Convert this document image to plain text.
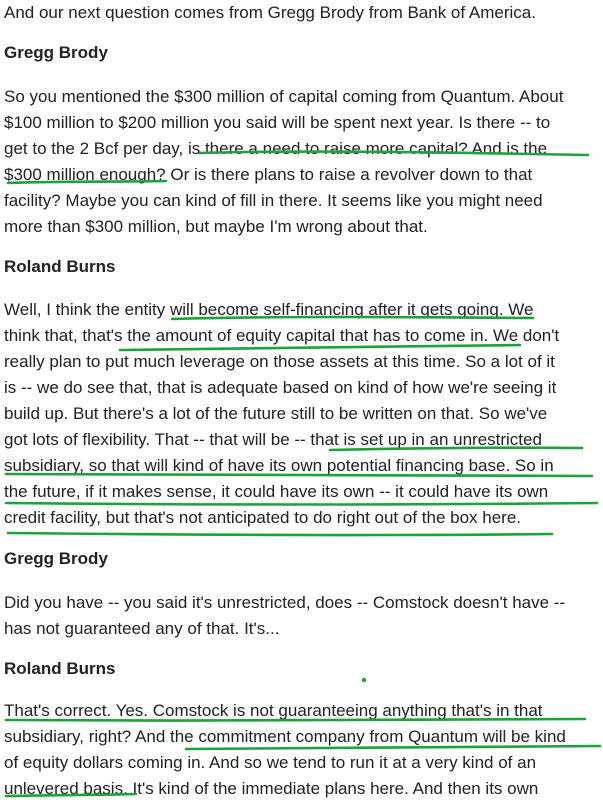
And our next question comes from Gregg Brody from Bank of America.

Gregg Brody

So you mentioned the $300 million of capital coming from Quantum. About
$100 million to $200 million you said will be spent next year. Is there -- to
get to the 2 Bcf per day, is there a need to raise more capital? And is the
$300 million enough? Or is there plans to raise a revolver down to that
facility? Maybe you can kind of fill in there. It seems like you might need
more than $300 million, but maybe I'm wrong about that.

Roland Burns

Well, I think the entity will become self-financing after it gets going. We
think that, that's the amount of equity capital that has to come in. We don't
really plan to put much leverage on those assets at this time. So a lot of it
is -- we do see that, that is adequate based on kind of how we're seeing it
build up. But there's a lot of the future still to be written on that. So we've
got lots of flexibility. That -- that will be -- that is set up in an unrestricted
subsidiary, so that will kind of have its own potential financing base. So in
the future, if it makes sense, it could have its own -- it could have its own
credit facility, but that's not anticipated to do right out of the box here.

Gregg Brody

Did you have -- you said it's unrestricted, does -- Comstock doesn't have --
has not guaranteed any of that. It's...

Roland Burns

That's correct. Yes. Comstock is not guaranteeing anything that's in that
subsidiary, right? And the commitment company from Quantum will be kind
of equity dollars coming in. And so we tend to run it at a very kind of an
unlevered basis. It's kind of the immediate plans here. And then its own
